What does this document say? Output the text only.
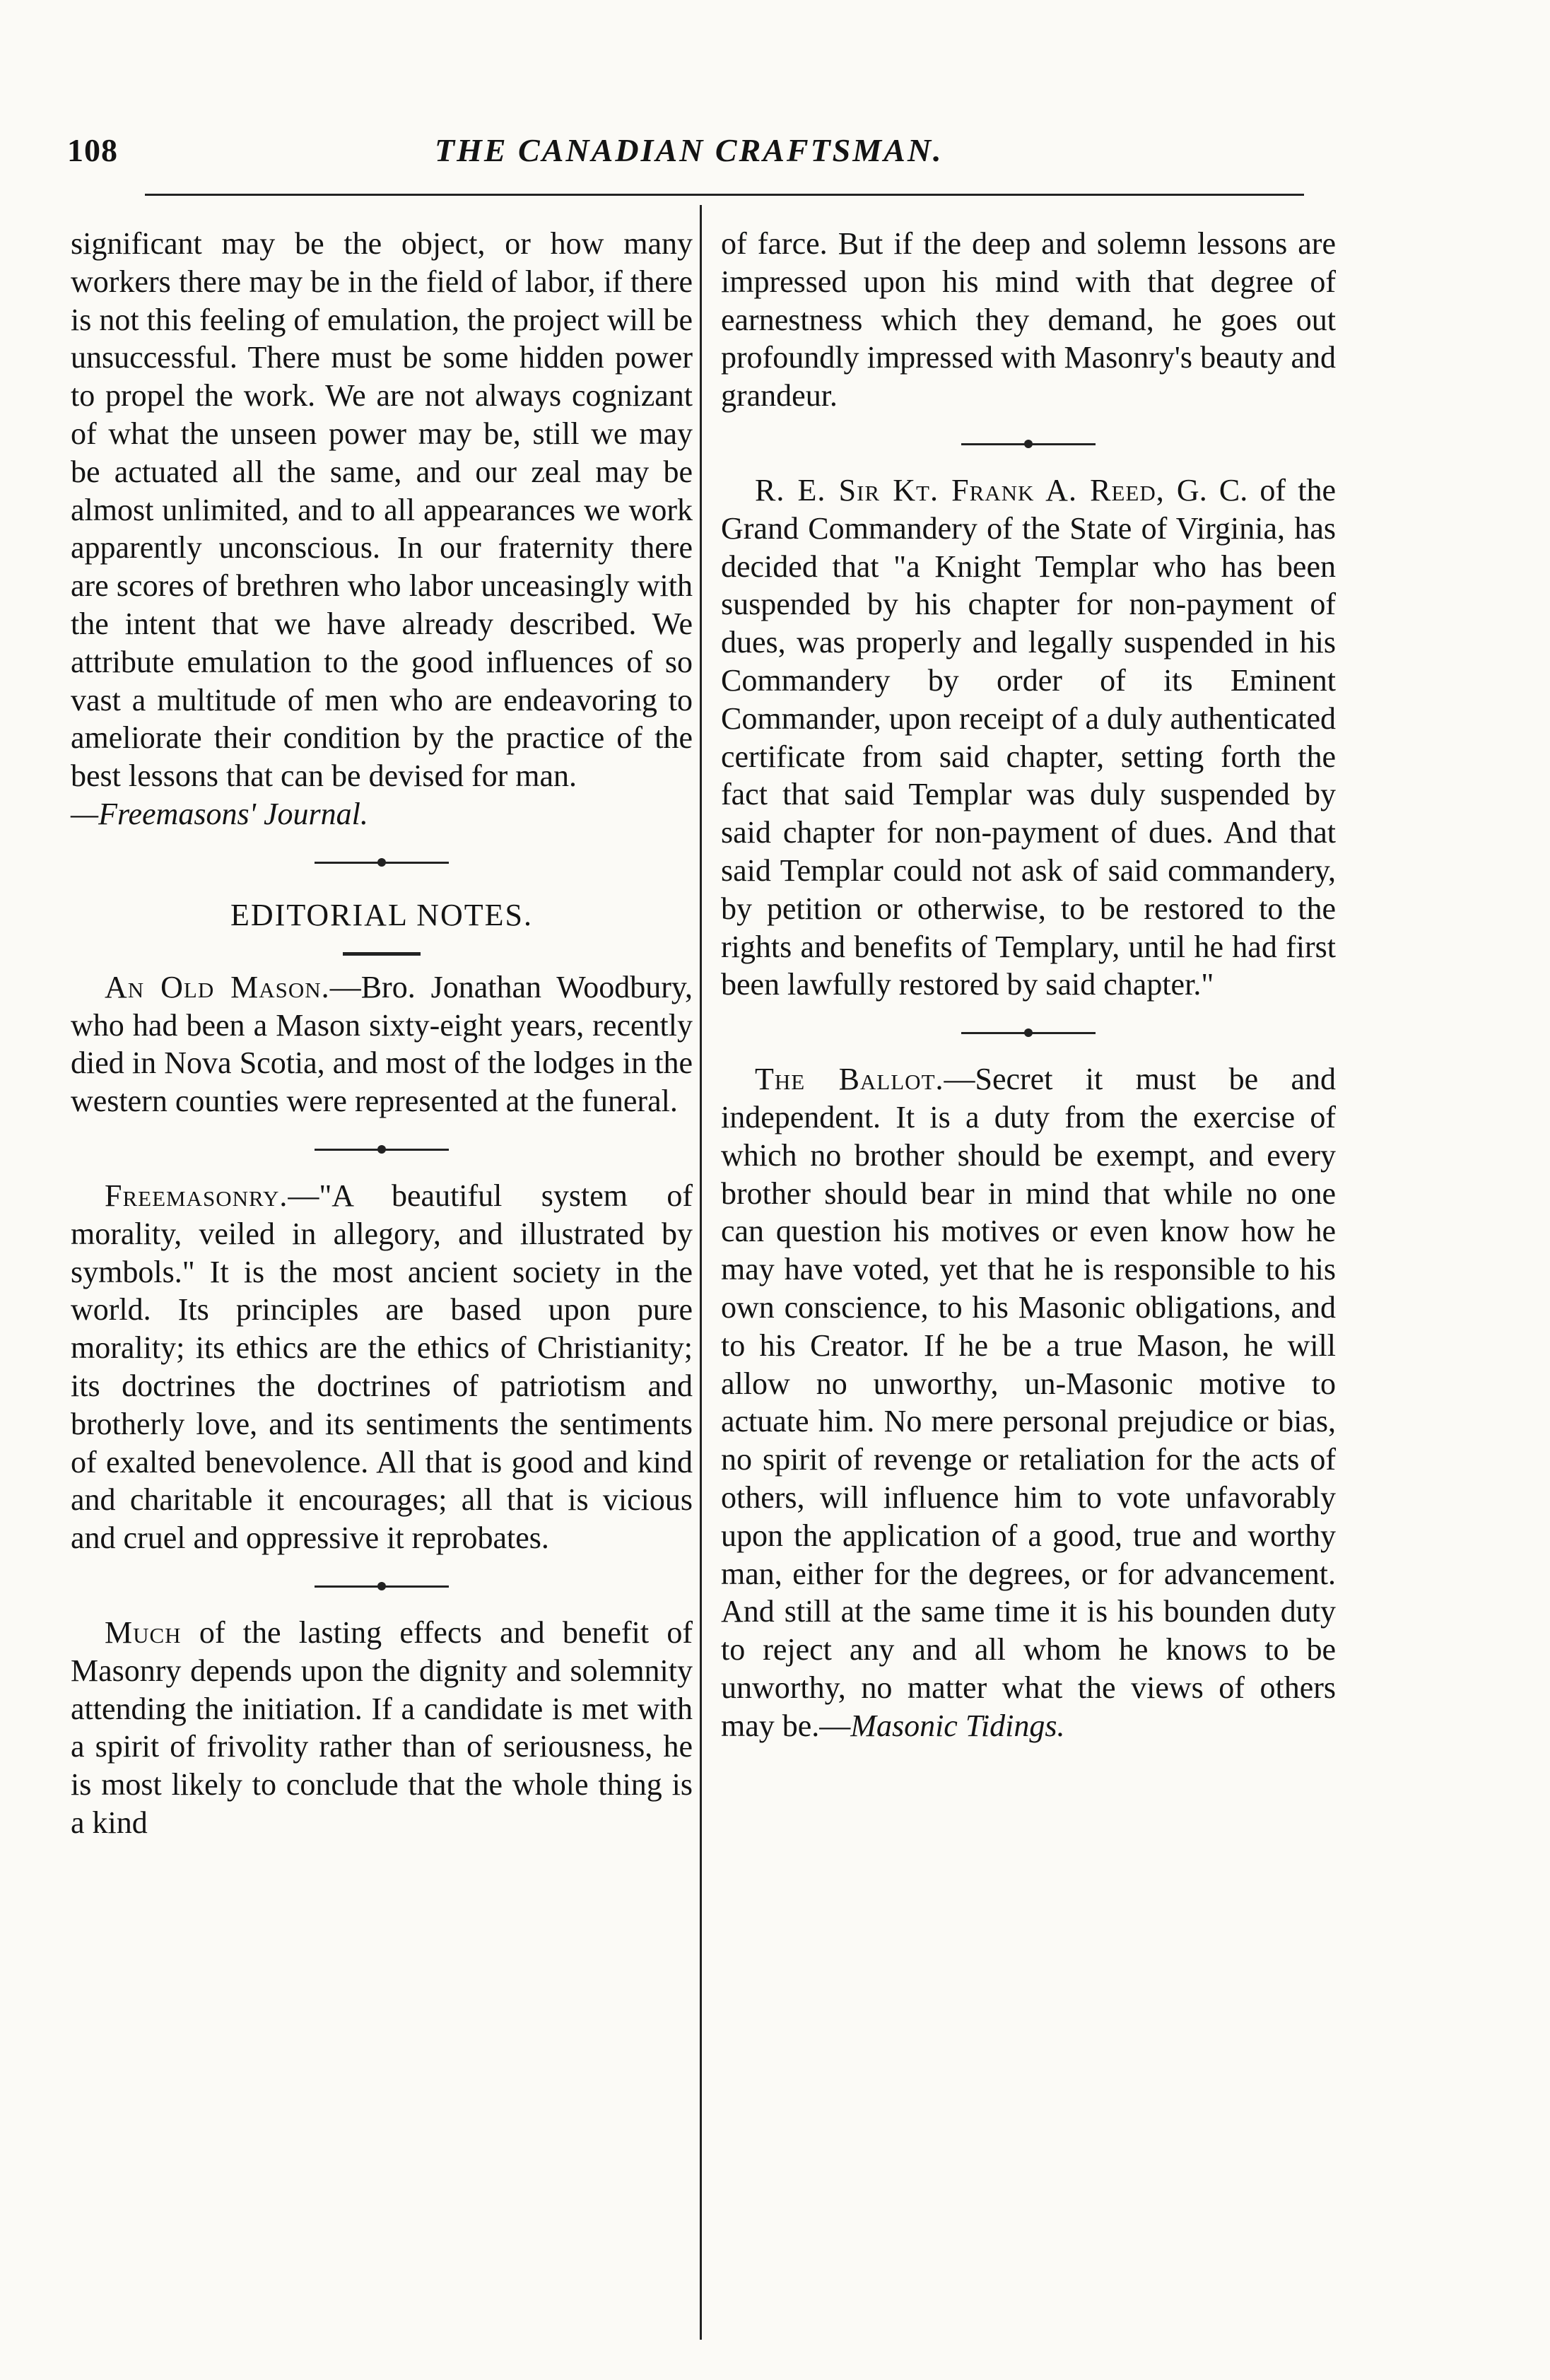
108	THE CANADIAN CRAFTSMAN.

significant may be the object, or how many workers there may be in the field of labor, if there is not this feeling of emulation, the project will be unsuccessful. There must be some hidden power to propel the work. We are not always cognizant of what the unseen power may be, still we may be actuated all the same, and our zeal may be almost unlimited, and to all appearances we work apparently unconscious. In our fraternity there are scores of brethren who labor unceasingly with the intent that we have already described. We attribute emulation to the good influences of so vast a multitude of men who are endeavoring to ameliorate their condition by the practice of the best lessons that can be devised for man.

—Freemasons' Journal.

EDITORIAL NOTES.

An Old Mason.—Bro. Jonathan Woodbury, who had been a Mason sixty-eight years, recently died in Nova Scotia, and most of the lodges in the western counties were represented at the funeral.

Freemasonry.—"A beautiful system of morality, veiled in allegory, and illustrated by symbols." It is the most ancient society in the world. Its principles are based upon pure morality; its ethics are the ethics of Christianity; its doctrines the doctrines of patriotism and brotherly love, and its sentiments the sentiments of exalted benevolence. All that is good and kind and charitable it encourages; all that is vicious and cruel and oppressive it reprobates.

Much of the lasting effects and benefit of Masonry depends upon the dignity and solemnity attending the initiation. If a candidate is met with a spirit of frivolity rather than of seriousness, he is most likely to conclude that the whole thing is a kind

of farce. But if the deep and solemn lessons are impressed upon his mind with that degree of earnestness which they demand, he goes out profoundly impressed with Masonry's beauty and grandeur.

R. E. Sir Kt. Frank A. Reed, G. C. of the Grand Commandery of the State of Virginia, has decided that "a Knight Templar who has been suspended by his chapter for non-payment of dues, was properly and legally suspended in his Commandery by order of its Eminent Commander, upon receipt of a duly authenticated certificate from said chapter, setting forth the fact that said Templar was duly suspended by said chapter for non-payment of dues. And that said Templar could not ask of said commandery, by petition or otherwise, to be restored to the rights and benefits of Templary, until he had first been lawfully restored by said chapter."

The Ballot.—Secret it must be and independent. It is a duty from the exercise of which no brother should be exempt, and every brother should bear in mind that while no one can question his motives or even know how he may have voted, yet that he is responsible to his own conscience, to his Masonic obligations, and to his Creator. If he be a true Mason, he will allow no unworthy, un-Masonic motive to actuate him. No mere personal prejudice or bias, no spirit of revenge or retaliation for the acts of others, will influence him to vote unfavorably upon the application of a good, true and worthy man, either for the degrees, or for advancement. And still at the same time it is his bounden duty to reject any and all whom he knows to be unworthy, no matter what the views of others may be.—Masonic Tidings.
